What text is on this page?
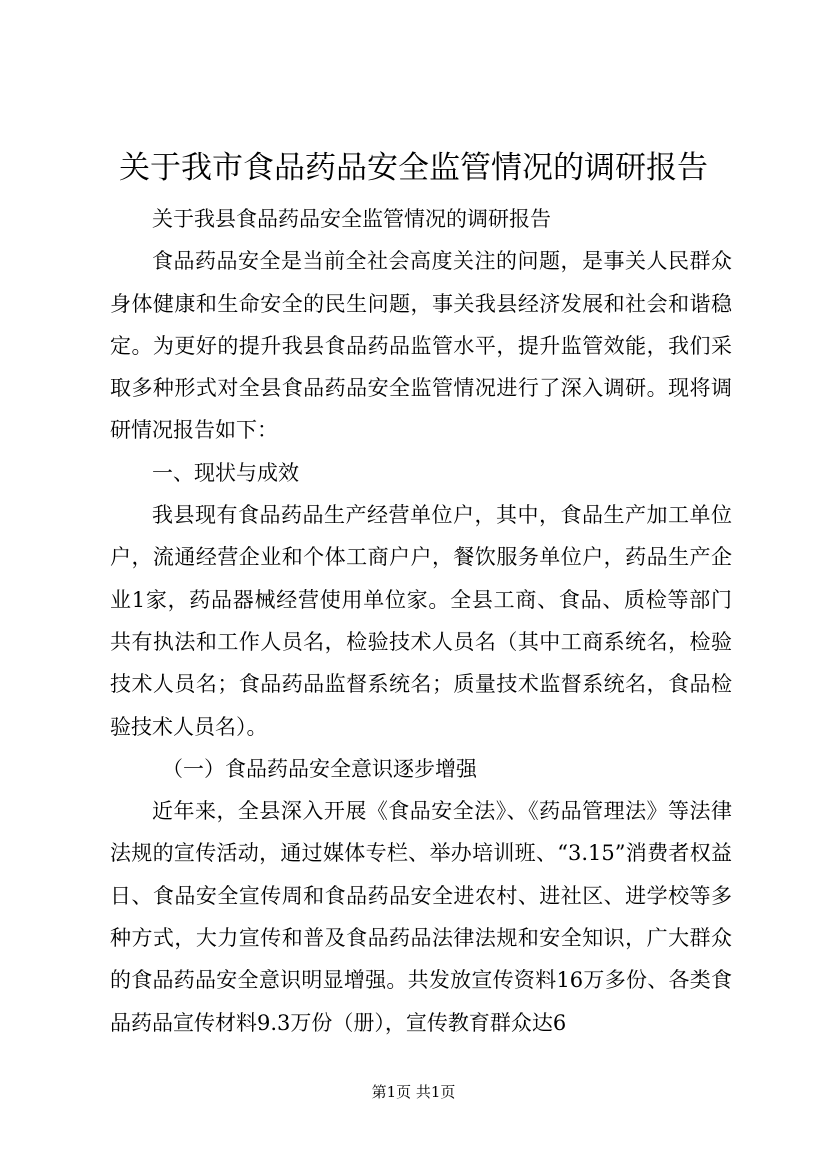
关于我市食品药品安全监管情况的调研报告

关于我县食品药品安全监管情况的调研报告

食品药品安全是当前全社会高度关注的问题，是事关人民群众身体健康和生命安全的民生问题，事关我县经济发展和社会和谐稳定。为更好的提升我县食品药品监管水平，提升监管效能，我们采取多种形式对全县食品药品安全监管情况进行了深入调研。现将调研情况报告如下：

一、现状与成效

我县现有食品药品生产经营单位户，其中，食品生产加工单位户，流通经营企业和个体工商户户，餐饮服务单位户，药品生产企业1家，药品器械经营使用单位家。全县工商、食品、质检等部门共有执法和工作人员名，检验技术人员名（其中工商系统名，检验技术人员名；食品药品监督系统名；质量技术监督系统名，食品检验技术人员名）。

（一）食品药品安全意识逐步增强

近年来，全县深入开展《食品安全法》、《药品管理法》等法律法规的宣传活动，通过媒体专栏、举办培训班、“3.15”消费者权益日、食品安全宣传周和食品药品安全进农村、进社区、进学校等多种方式，大力宣传和普及食品药品法律法规和安全知识，广大群众的食品药品安全意识明显增强。共发放宣传资料16万多份、各类食品药品宣传材料9.3万份（册），宣传教育群众达6

第1页 共1页
